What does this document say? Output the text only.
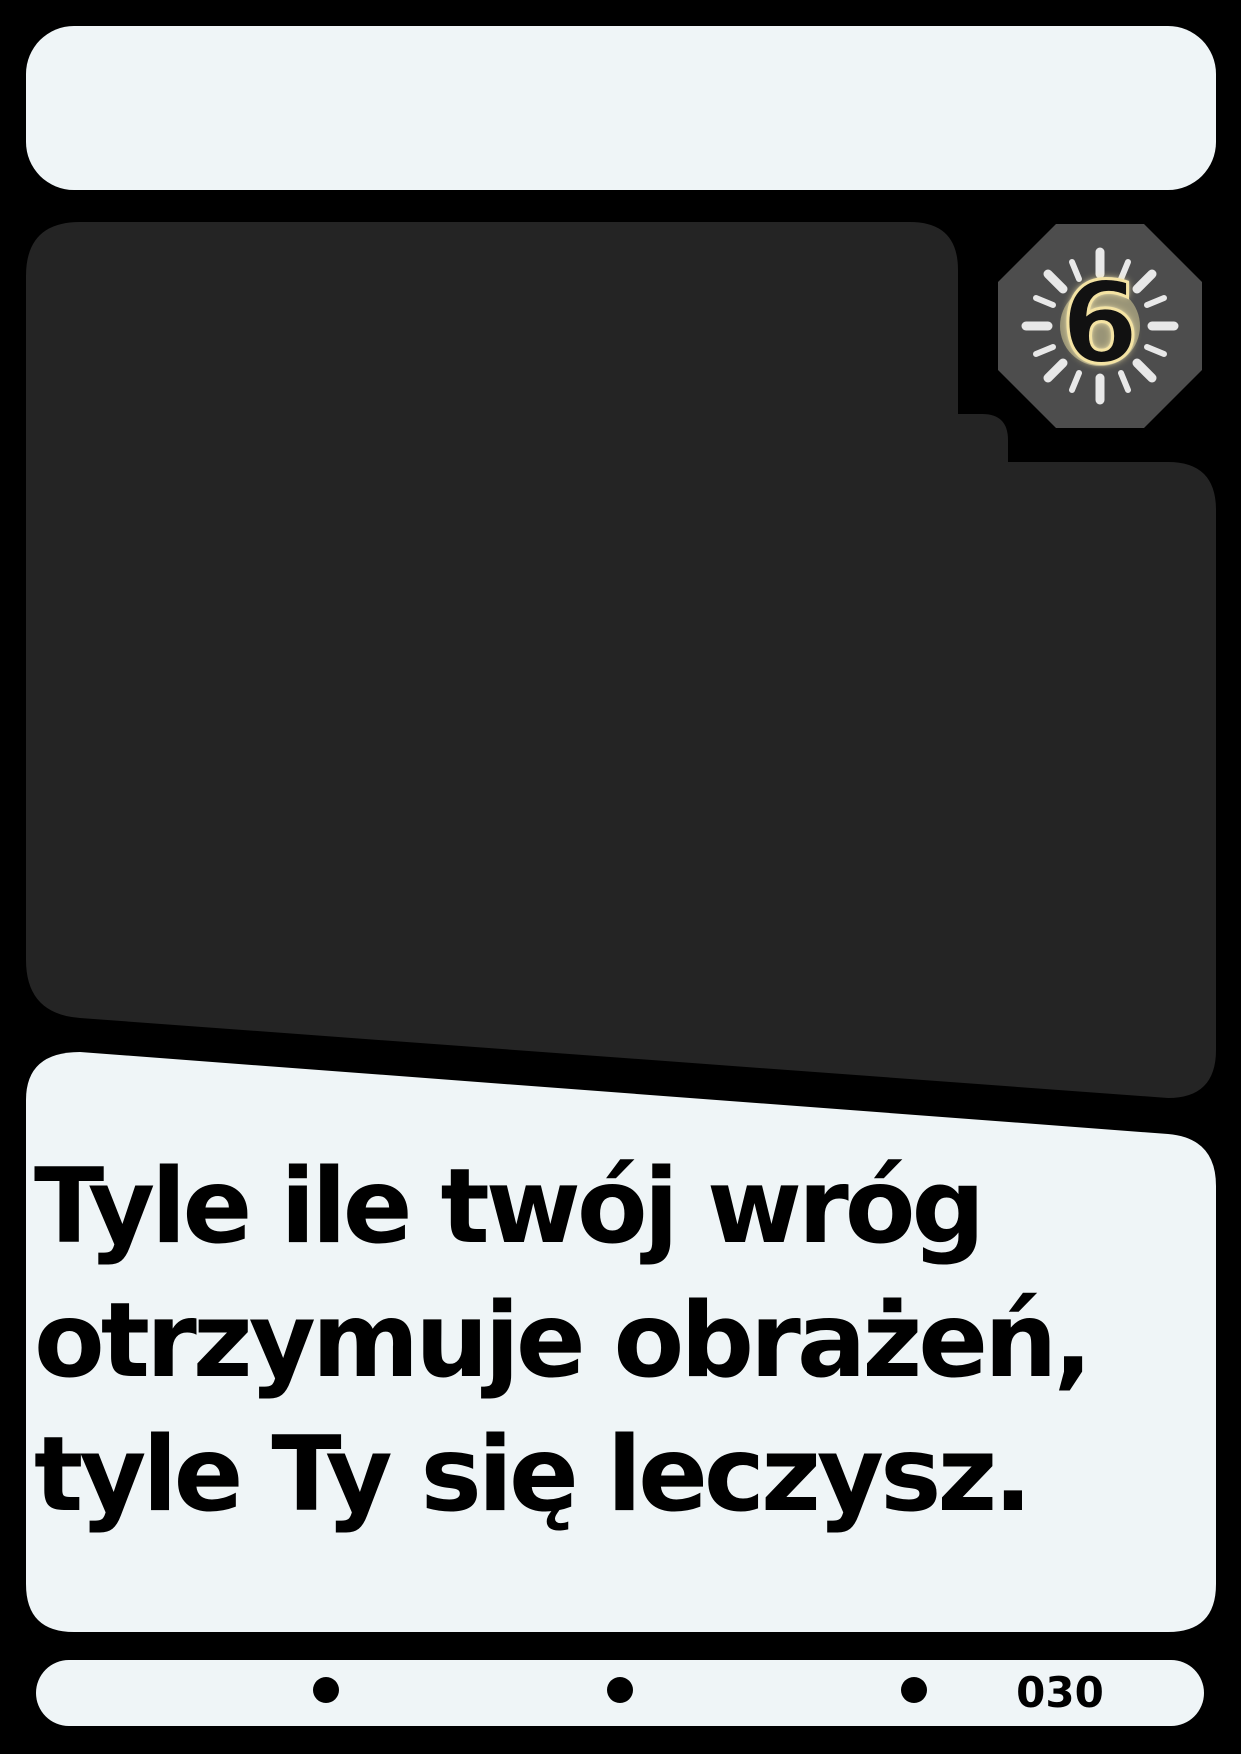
6
Tyle ile twój wróg
otrzymuje obrażeń,
tyle Ty się leczysz.
030
